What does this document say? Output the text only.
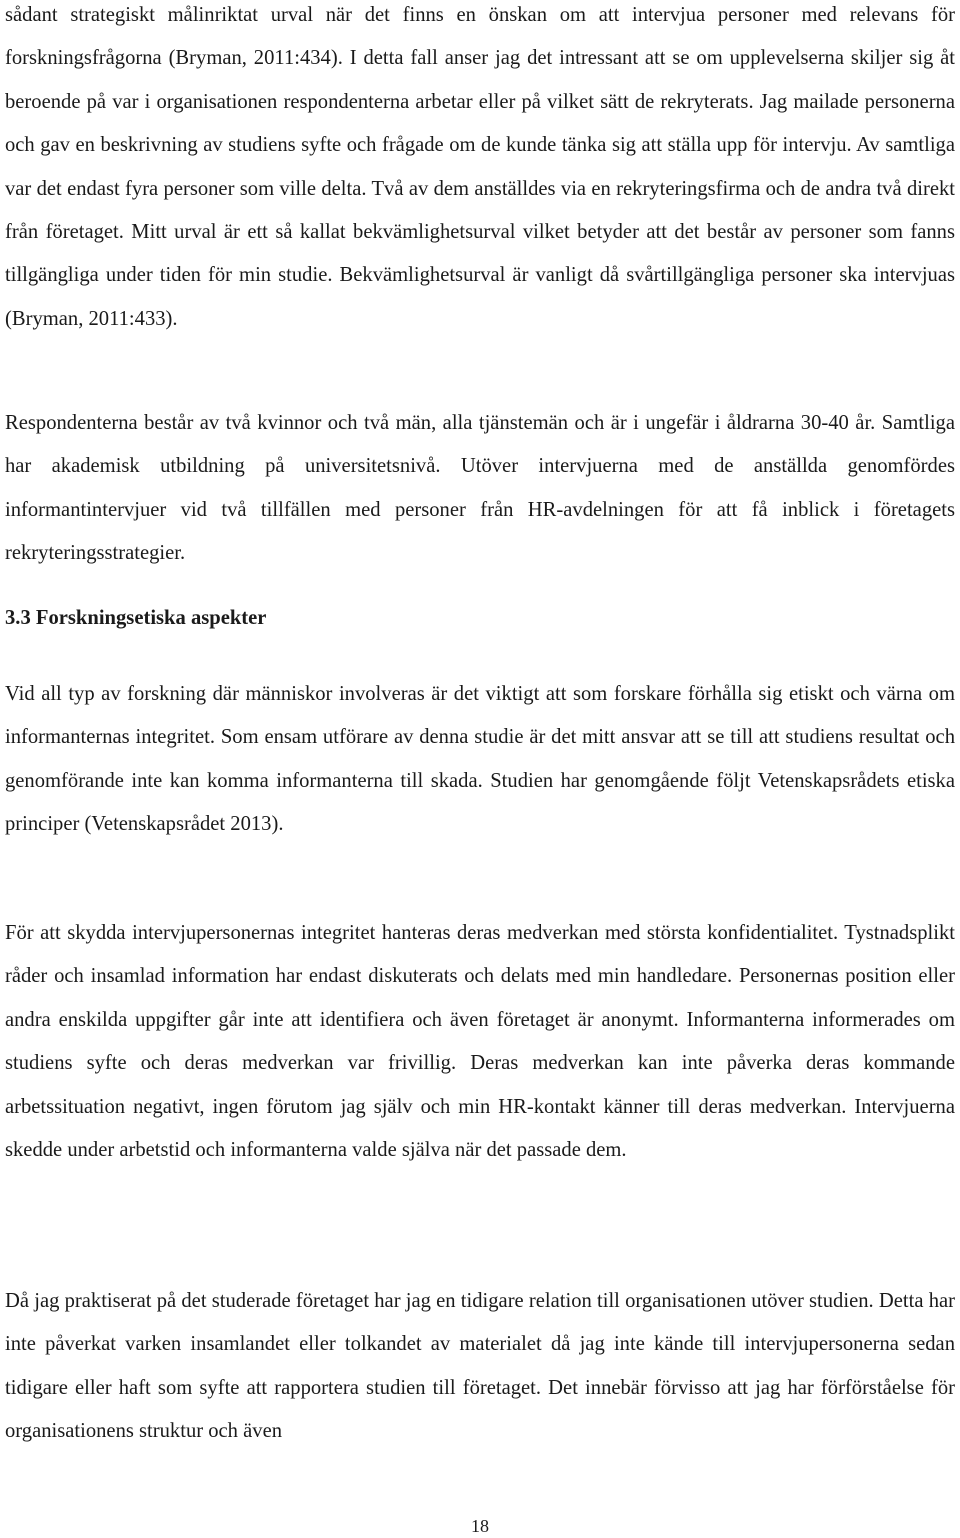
sådant strategiskt målinriktat urval när det finns en önskan om att intervjua personer med relevans för forskningsfrågorna (Bryman, 2011:434). I detta fall anser jag det intressant att se om upplevelserna skiljer sig åt beroende på var i organisationen respondenterna arbetar eller på vilket sätt de rekryterats. Jag mailade personerna och gav en beskrivning av studiens syfte och frågade om de kunde tänka sig att ställa upp för intervju. Av samtliga var det endast fyra personer som ville delta. Två av dem anställdes via en rekryteringsfirma och de andra två direkt från företaget. Mitt urval är ett så kallat bekvämlighetsurval vilket betyder att det består av personer som fanns tillgängliga under tiden för min studie. Bekvämlighetsurval är vanligt då svårtillgängliga personer ska intervjuas (Bryman, 2011:433).

Respondenterna består av två kvinnor och två män, alla tjänstemän och är i ungefär i åldrarna 30-40 år. Samtliga har akademisk utbildning på universitetsnivå. Utöver intervjuerna med de anställda genomfördes informantintervjuer vid två tillfällen med personer från HR-avdelningen för att få inblick i företagets rekryteringsstrategier.

3.3 Forskningsetiska aspekter

Vid all typ av forskning där människor involveras är det viktigt att som forskare förhålla sig etiskt och värna om informanternas integritet. Som ensam utförare av denna studie är det mitt ansvar att se till att studiens resultat och genomförande inte kan komma informanterna till skada. Studien har genomgående följt Vetenskapsrådets etiska principer (Vetenskapsrådet 2013).

För att skydda intervjupersonernas integritet hanteras deras medverkan med största konfidentialitet. Tystnadsplikt råder och insamlad information har endast diskuterats och delats med min handledare. Personernas position eller andra enskilda uppgifter går inte att identifiera och även företaget är anonymt. Informanterna informerades om studiens syfte och deras medverkan var frivillig. Deras medverkan kan inte påverka deras kommande arbetssituation negativt, ingen förutom jag själv och min HR-kontakt känner till deras medverkan. Intervjuerna skedde under arbetstid och informanterna valde själva när det passade dem.

Då jag praktiserat på det studerade företaget har jag en tidigare relation till organisationen utöver studien. Detta har inte påverkat varken insamlandet eller tolkandet av materialet då jag inte kände till intervjupersonerna sedan tidigare eller haft som syfte att rapportera studien till företaget. Det innebär förvisso att jag har förförståelse för organisationens struktur och även

18
